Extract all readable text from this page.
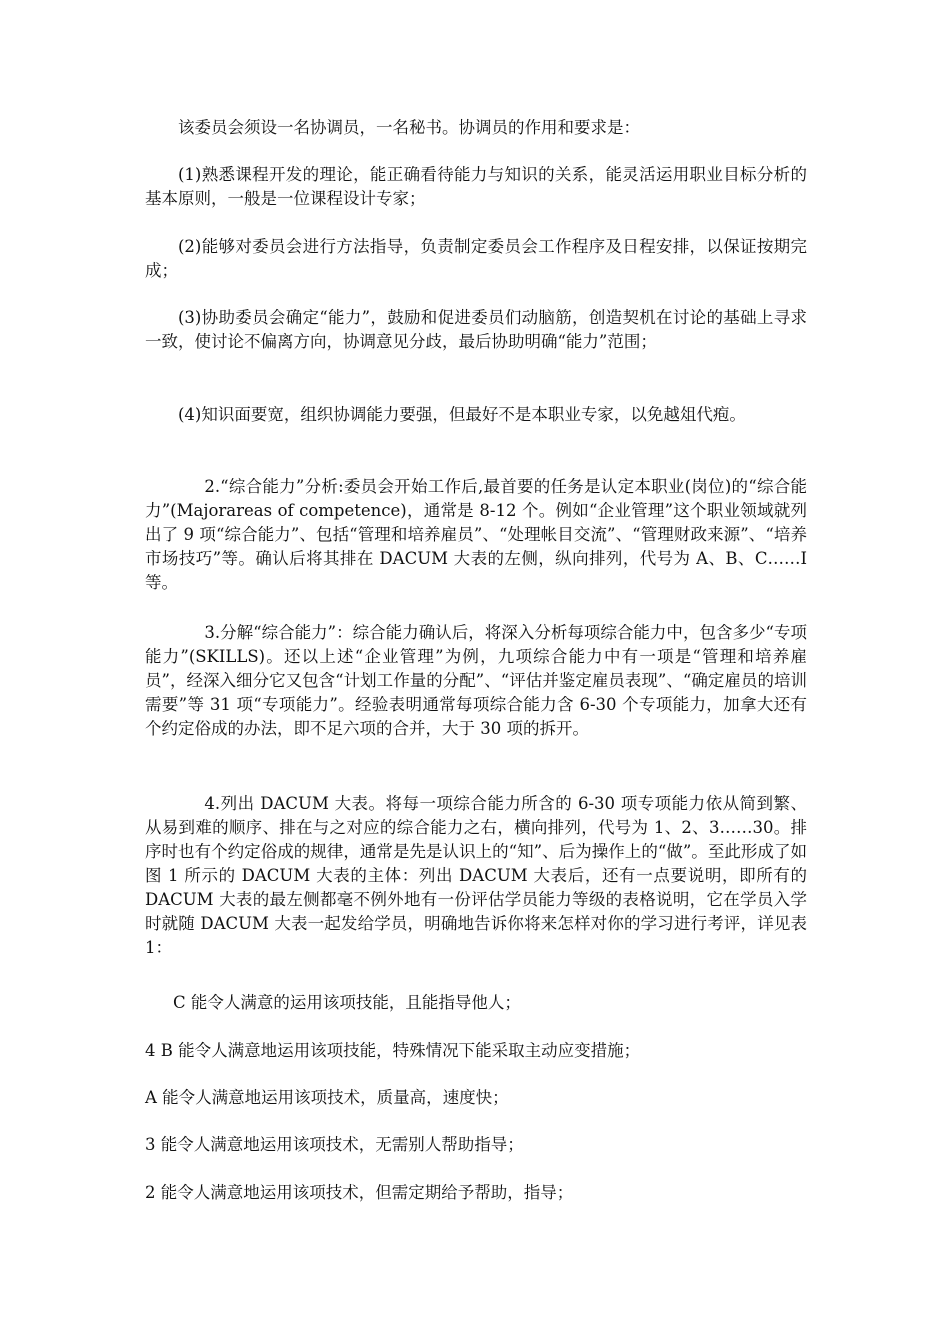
该委员会须设一名协调员，一名秘书。协调员的作用和要求是：

(1)熟悉课程开发的理论，能正确看待能力与知识的关系，能灵活运用职业目标分析的基本原则，一般是一位课程设计专家；

(2)能够对委员会进行方法指导，负责制定委员会工作程序及日程安排，以保证按期完成；

(3)协助委员会确定“能力”，鼓励和促进委员们动脑筋，创造契机在讨论的基础上寻求一致，使讨论不偏离方向，协调意见分歧，最后协助明确“能力”范围；

(4)知识面要宽，组织协调能力要强，但最好不是本职业专家，以免越俎代疱。

2.“综合能力”分析:委员会开始工作后,最首要的任务是认定本职业(岗位)的“综合能力”(Majorareas of competence)，通常是 8-12 个。例如“企业管理”这个职业领域就列出了 9 项“综合能力”、包括“管理和培养雇员”、“处理帐目交流”、“管理财政来源”、“培养市场技巧”等。确认后将其排在 DACUM 大表的左侧，纵向排列，代号为 A、B、C……I 等。

3.分解“综合能力”：综合能力确认后，将深入分析每项综合能力中，包含多少“专项能力”(SKILLS)。还以上述“企业管理”为例，九项综合能力中有一项是“管理和培养雇员”，经深入细分它又包含“计划工作量的分配”、“评估并鉴定雇员表现”、“确定雇员的培训需要”等 31 项“专项能力”。经验表明通常每项综合能力含 6-30 个专项能力，加拿大还有个约定俗成的办法，即不足六项的合并，大于 30 项的拆开。

4.列出 DACUM 大表。将每一项综合能力所含的 6-30 项专项能力依从简到繁、从易到难的顺序、排在与之对应的综合能力之右，横向排列，代号为 1、2、3……30。排序时也有个约定俗成的规律，通常是先是认识上的“知”、后为操作上的“做”。至此形成了如图 1 所示的 DACUM 大表的主体：列出 DACUM 大表后，还有一点要说明，即所有的 DACUM 大表的最左侧都毫不例外地有一份评估学员能力等级的表格说明，它在学员入学时就随 DACUM 大表一起发给学员，明确地告诉你将来怎样对你的学习进行考评，详见表 1：

C 能令人满意的运用该项技能，且能指导他人；

4 B 能令人满意地运用该项技能，特殊情况下能采取主动应变措施；

A 能令人满意地运用该项技术，质量高，速度快；

3 能令人满意地运用该项技术，无需别人帮助指导；

2 能令人满意地运用该项技术，但需定期给予帮助，指导；
